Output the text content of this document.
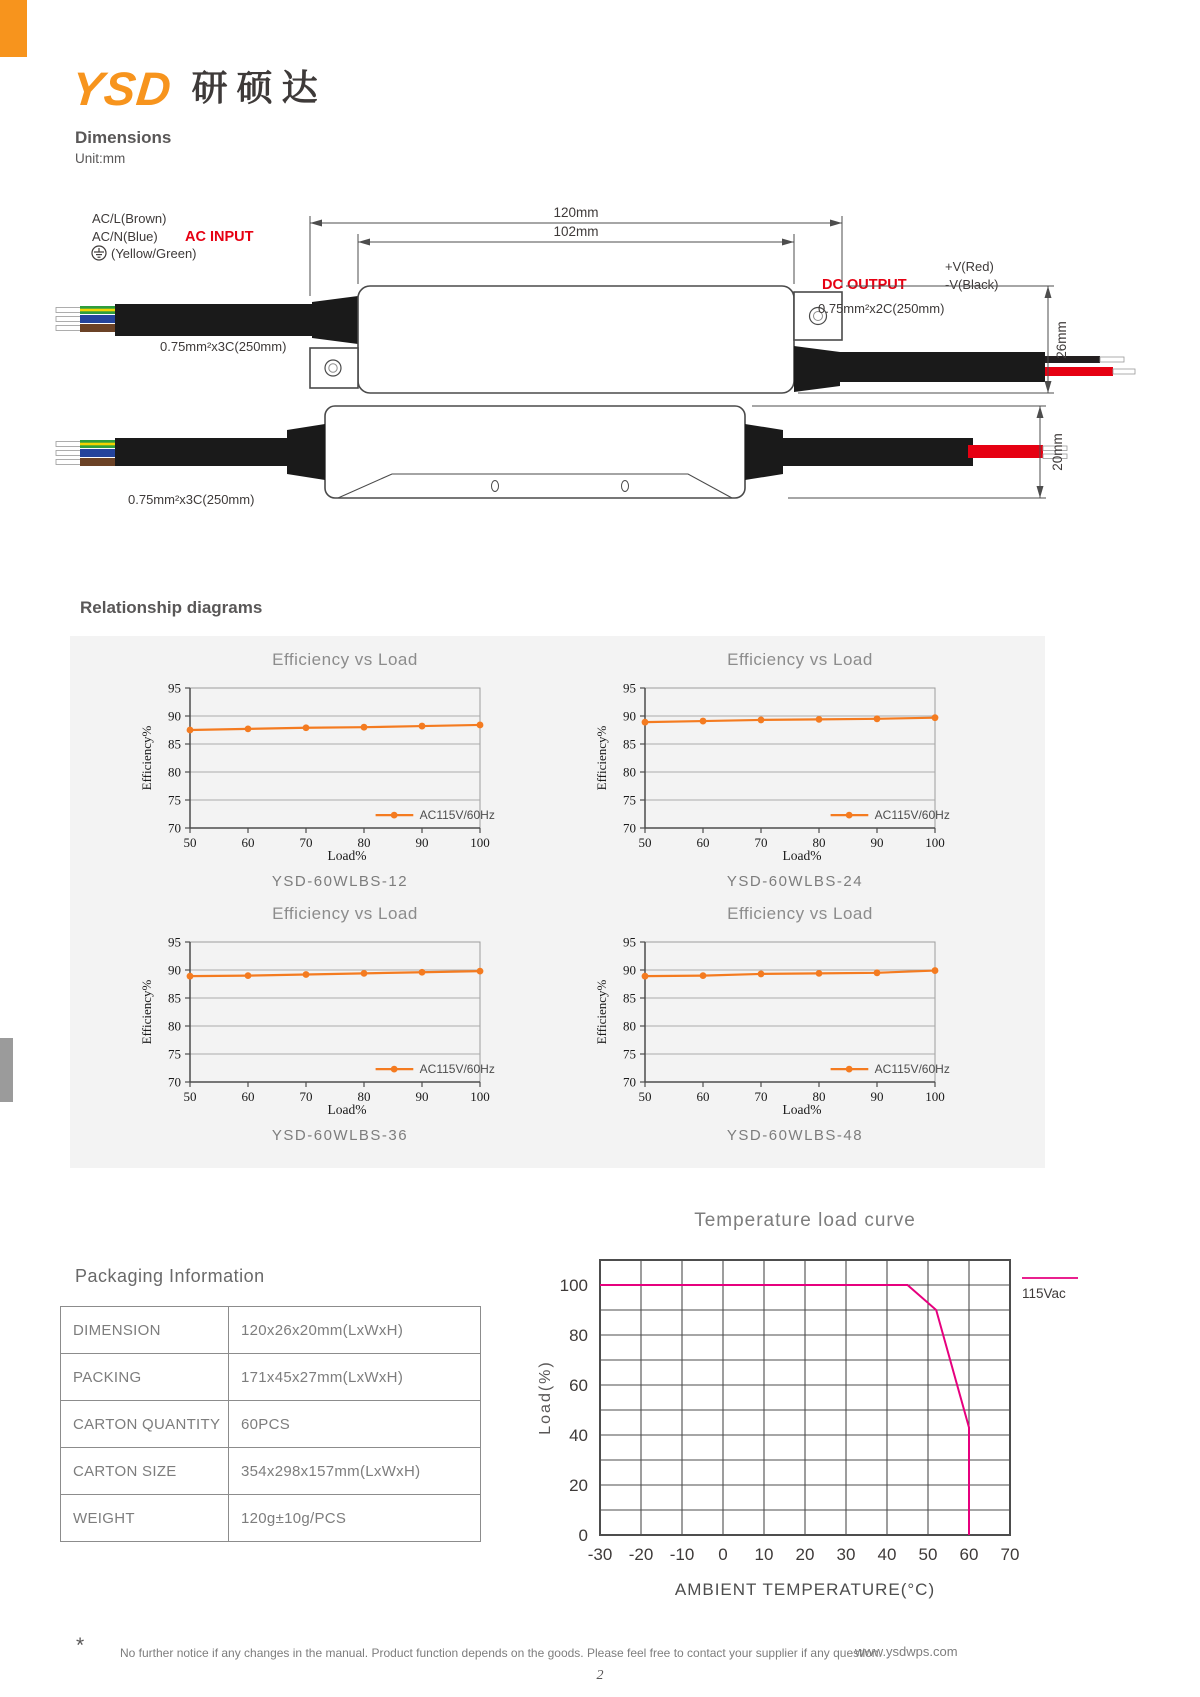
YSD 研硕达
Dimensions
Unit:mm
120mm
102mm
AC/L(Brown)
AC/N(Blue)
(Yellow/Green)
AC INPUT
DC OUTPUT
+V(Red)
-V(Black)
0.75mm²x2C(250mm)
0.75mm²x3C(250mm)	26mm
20mm
0.75mm²x3C(250mm)
Relationship diagrams
Efficiency vs Load
70
75
80
85
90
95
50	60	70	80	90	100
Efficiency%
AC115V/60Hz
Load%
YSD-60WLBS-12
Efficiency vs Load
70
75
80
85
90
95
50	60	70	80	90	100
Efficiency%
AC115V/60Hz
Load%
YSD-60WLBS-24
Efficiency vs Load
70
75
80
85
90
95
50	60	70	80	90	100
Efficiency%
AC115V/60Hz
Load%
YSD-60WLBS-36
Efficiency vs Load
70
75
80
85
90
95
50	60	70	80	90	100
Efficiency%
AC115V/60Hz
Load%
YSD-60WLBS-48
Packaging Information
DIMENSION	120x26x20mm(LxWxH)
PACKING	171x45x27mm(LxWxH)
CARTON QUANTITY	60PCS
CARTON SIZE	354x298x157mm(LxWxH)
WEIGHT	120g±10g/PCS
Temperature load curve
0
20
40
60
80
100
-30 -20 -10 0 10 20 30 40 50 60 70
Load(%)
AMBIENT TEMPERATURE(°C)
115Vac
*	No further notice if any changes in the manual. Product function depends on the goods. Please feel free to contact your supplier if any question.
www.ysdwps.com
2
